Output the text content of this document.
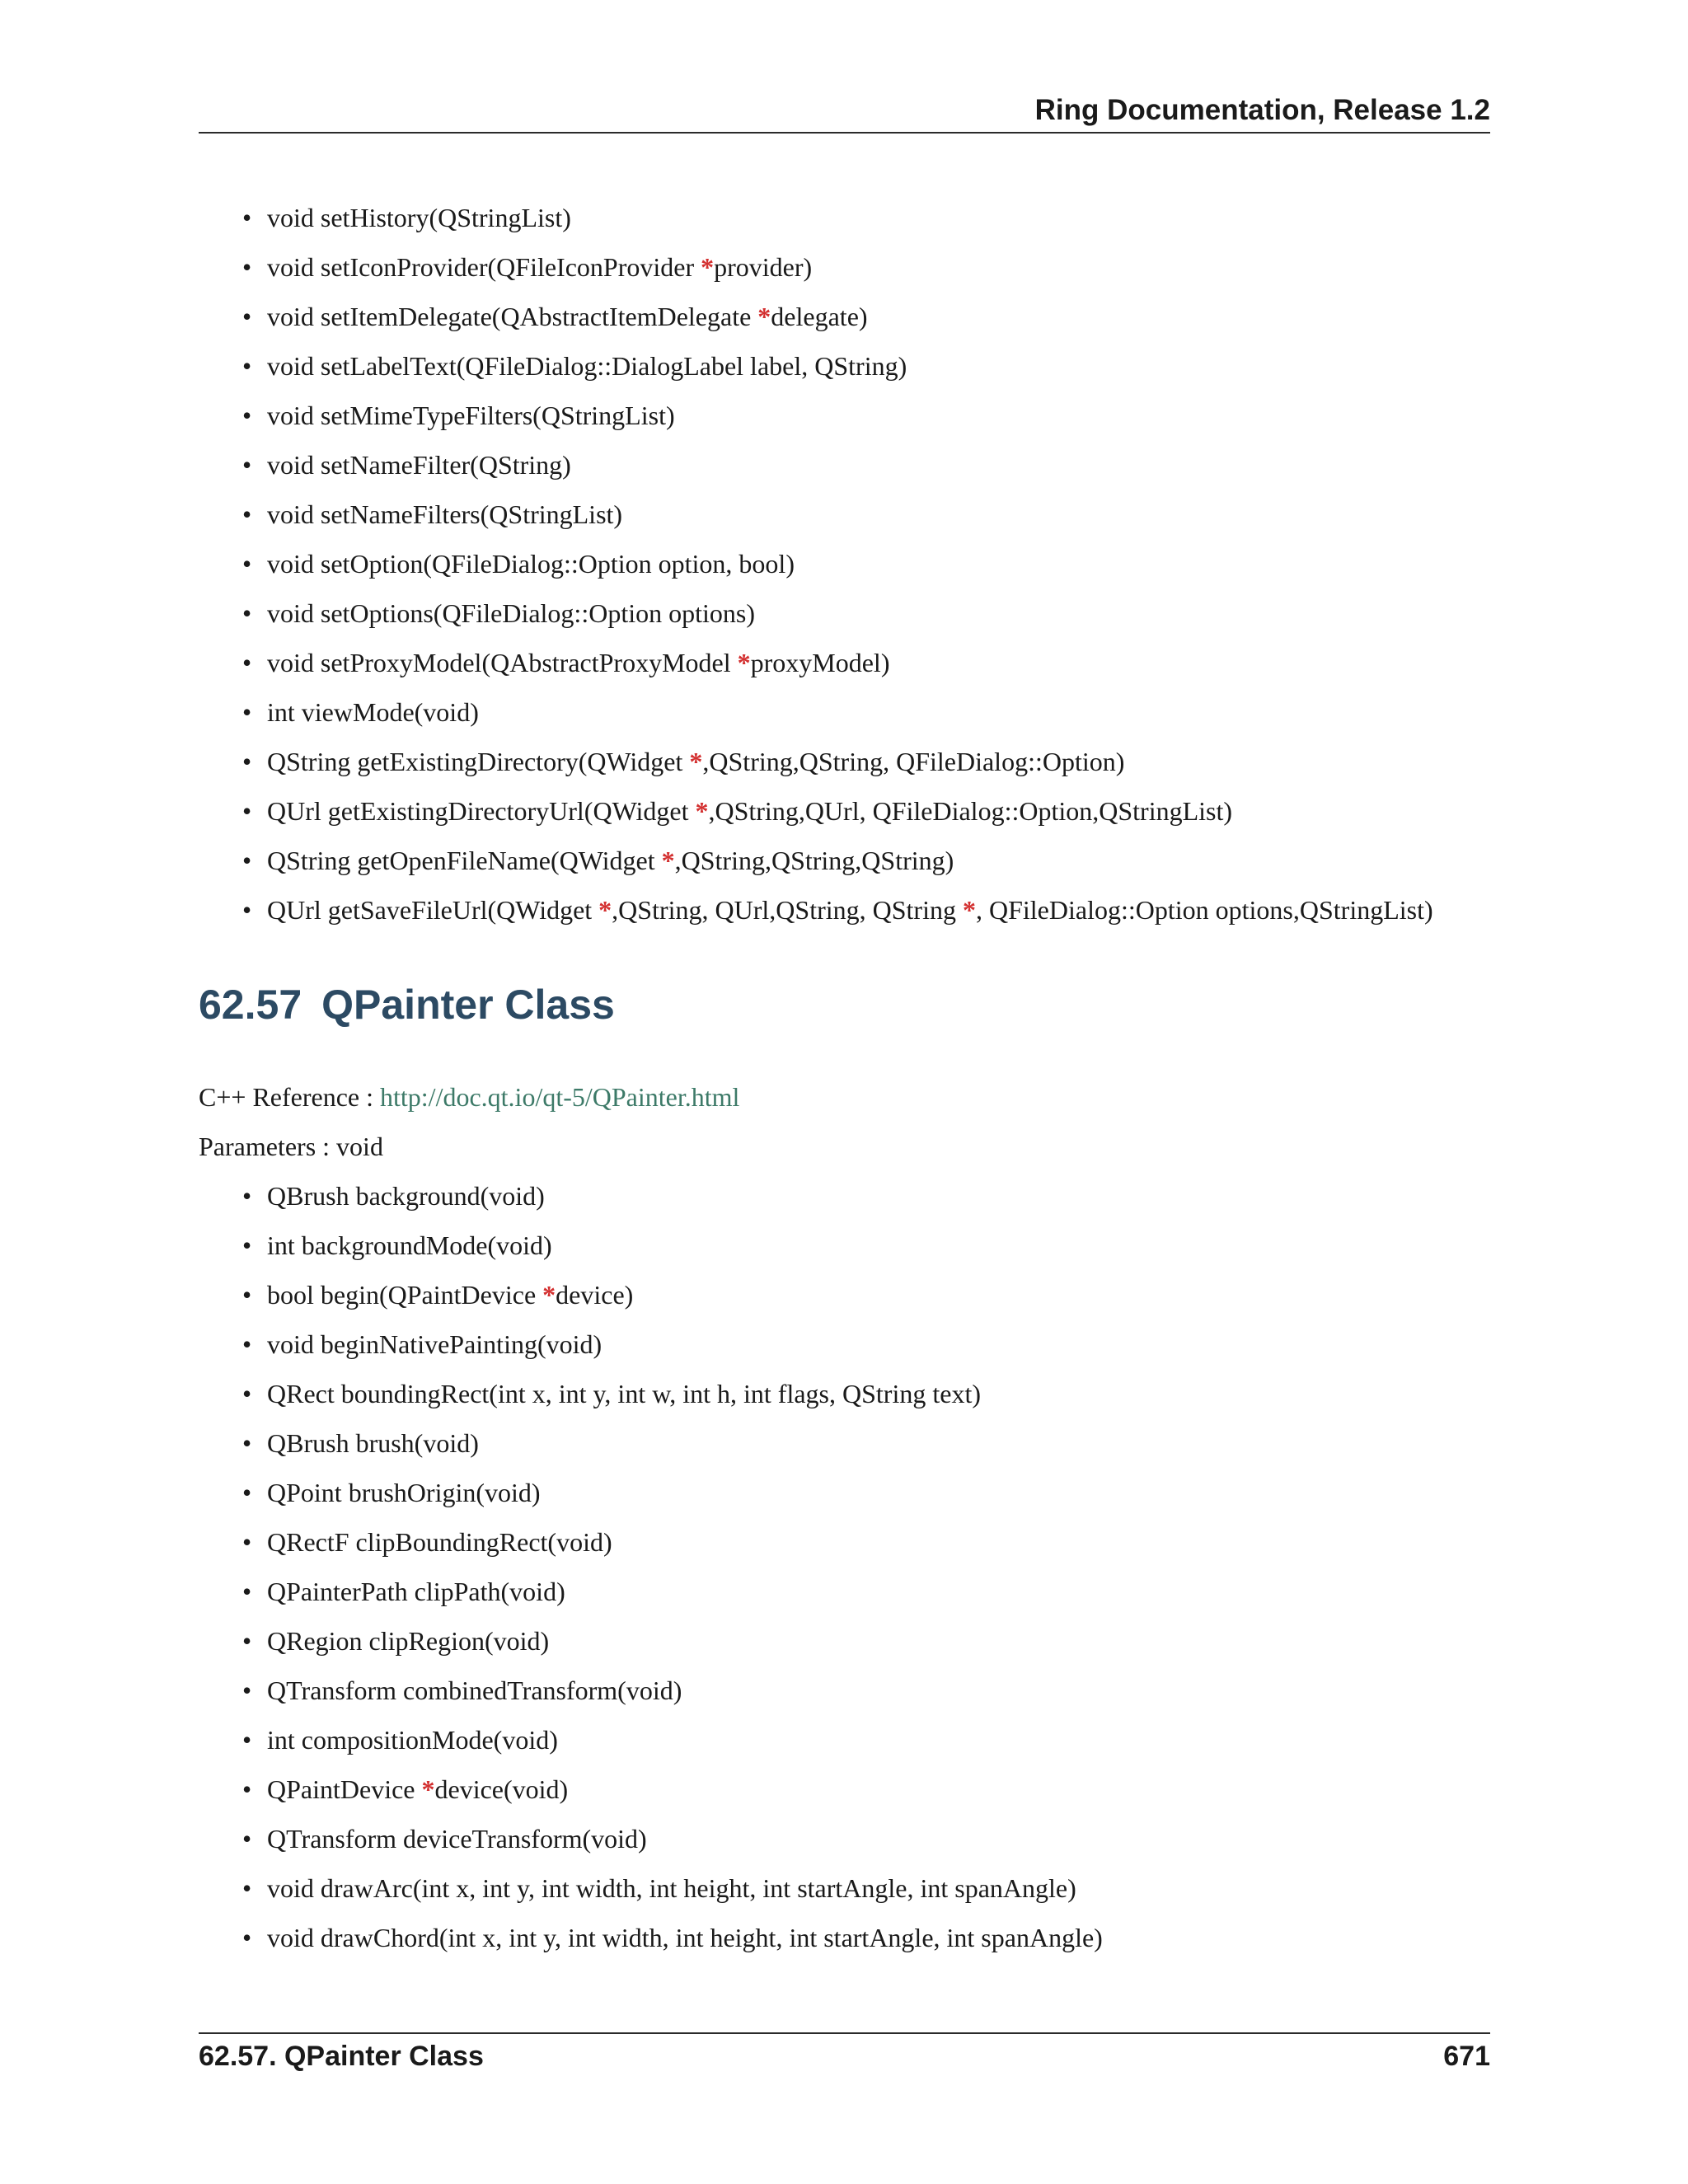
Ring Documentation, Release 1.2
• void setHistory(QStringList)
• void setIconProvider(QFileIconProvider *provider)
• void setItemDelegate(QAbstractItemDelegate *delegate)
• void setLabelText(QFileDialog::DialogLabel label, QString)
• void setMimeTypeFilters(QStringList)
• void setNameFilter(QString)
• void setNameFilters(QStringList)
• void setOption(QFileDialog::Option option, bool)
• void setOptions(QFileDialog::Option options)
• void setProxyModel(QAbstractProxyModel *proxyModel)
• int viewMode(void)
• QString getExistingDirectory(QWidget *,QString,QString, QFileDialog::Option)
• QUrl getExistingDirectoryUrl(QWidget *,QString,QUrl, QFileDialog::Option,QStringList)
• QString getOpenFileName(QWidget *,QString,QString,QString)
• QUrl getSaveFileUrl(QWidget *,QString, QUrl,QString, QString *, QFileDialog::Option options,QStringList)
62.57 QPainter Class
C++ Reference : http://doc.qt.io/qt-5/QPainter.html
Parameters : void
• QBrush background(void)
• int backgroundMode(void)
• bool begin(QPaintDevice *device)
• void beginNativePainting(void)
• QRect boundingRect(int x, int y, int w, int h, int flags, QString text)
• QBrush brush(void)
• QPoint brushOrigin(void)
• QRectF clipBoundingRect(void)
• QPainterPath clipPath(void)
• QRegion clipRegion(void)
• QTransform combinedTransform(void)
• int compositionMode(void)
• QPaintDevice *device(void)
• QTransform deviceTransform(void)
• void drawArc(int x, int y, int width, int height, int startAngle, int spanAngle)
• void drawChord(int x, int y, int width, int height, int startAngle, int spanAngle)
62.57. QPainter Class	671
